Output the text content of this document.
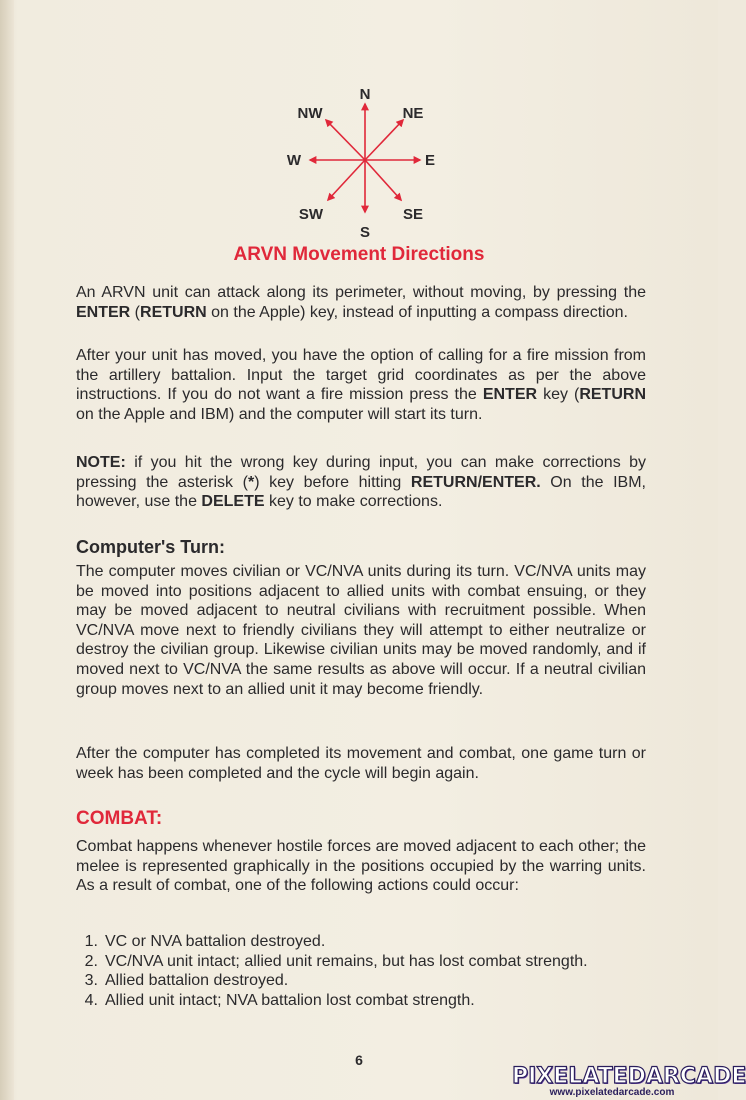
N
NW	NE
W	E
SW	SE
S
ARVN Movement Directions

An ARVN unit can attack along its perimeter, without moving, by pressing the ENTER (RETURN on the Apple) key, instead of inputting a compass direction.

After your unit has moved, you have the option of calling for a fire mission from the artillery battalion. Input the target grid coordinates as per the above instructions. If you do not want a fire mission press the ENTER key (RETURN on the Apple and IBM) and the computer will start its turn.

NOTE: if you hit the wrong key during input, you can make corrections by pressing the asterisk (*) key before hitting RETURN/ENTER. On the IBM, however, use the DELETE key to make corrections.

Computer's Turn:

The computer moves civilian or VC/NVA units during its turn. VC/NVA units may be moved into positions adjacent to allied units with combat ensuing, or they may be moved adjacent to neutral civilians with recruitment possible. When VC/NVA move next to friendly civilians they will attempt to either neutralize or destroy the civilian group. Likewise civilian units may be moved randomly, and if moved next to VC/NVA the same results as above will occur. If a neutral civilian group moves next to an allied unit it may become friendly.

After the computer has completed its movement and combat, one game turn or week has been completed and the cycle will begin again.

COMBAT:

Combat happens whenever hostile forces are moved adjacent to each other; the melee is represented graphically in the positions occupied by the warring units. As a result of combat, one of the following actions could occur:

1. VC or NVA battalion destroyed.
2. VC/NVA unit intact; allied unit remains, but has lost combat strength.
3. Allied battalion destroyed.
4. Allied unit intact; NVA battalion lost combat strength.
6
PIXELATEDARCADE
www.pixelatedarcade.com
